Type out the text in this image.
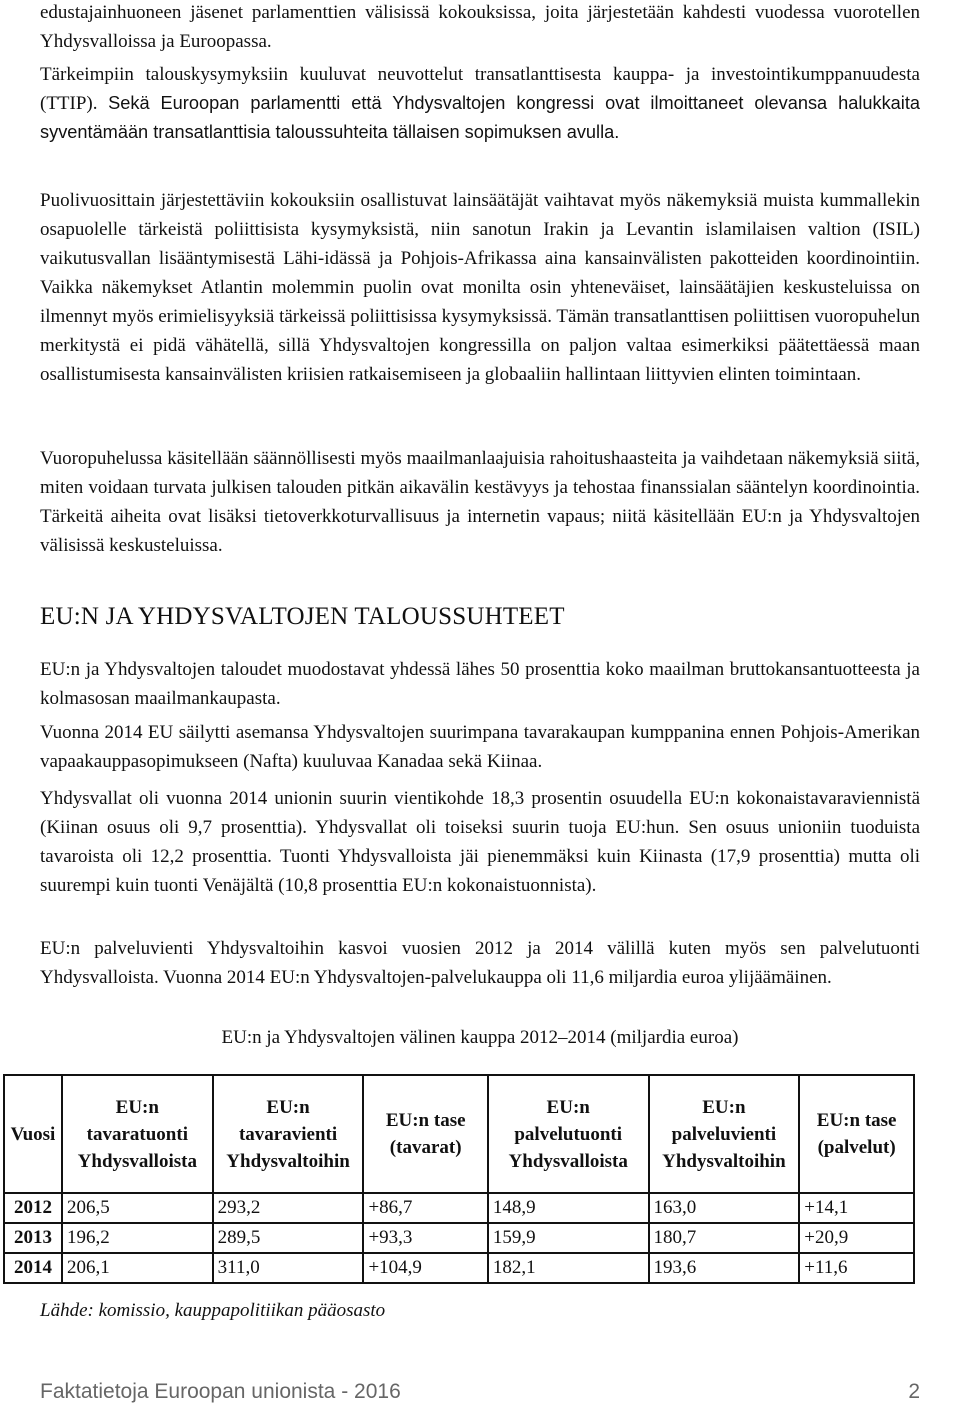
edustajainhuoneen jäsenet parlamenttien välisissä kokouksissa, joita järjestetään kahdesti vuodessa vuorotellen Yhdysvalloissa ja Euroopassa.

Tärkeimpiin talouskysymyksiin kuuluvat neuvottelut transatlanttisesta kauppa- ja investointikumppanuudesta (TTIP). Sekä Euroopan parlamentti että Yhdysvaltojen kongressi ovat ilmoittaneet olevansa halukkaita syventämään transatlanttisia taloussuhteita tällaisen sopimuksen avulla.

Puolivuosittain järjestettäviin kokouksiin osallistuvat lainsäätäjät vaihtavat myös näkemyksiä muista kummallekin osapuolelle tärkeistä poliittisista kysymyksistä, niin sanotun Irakin ja Levantin islamilaisen valtion (ISIL) vaikutusvallan lisääntymisestä Lähi-idässä ja Pohjois-Afrikassa aina kansainvälisten pakotteiden koordinointiin. Vaikka näkemykset Atlantin molemmin puolin ovat monilta osin yhteneväiset, lainsäätäjien keskusteluissa on ilmennyt myös erimielisyyksiä tärkeissä poliittisissa kysymyksissä. Tämän transatlanttisen poliittisen vuoropuhelun merkitystä ei pidä vähätellä, sillä Yhdysvaltojen kongressilla on paljon valtaa esimerkiksi päätettäessä maan osallistumisesta kansainvälisten kriisien ratkaisemiseen ja globaaliin hallintaan liittyvien elinten toimintaan.

Vuoropuhelussa käsitellään säännöllisesti myös maailmanlaajuisia rahoitushaasteita ja vaihdetaan näkemyksiä siitä, miten voidaan turvata julkisen talouden pitkän aikavälin kestävyys ja tehostaa finanssialan sääntelyn koordinointia. Tärkeitä aiheita ovat lisäksi tietoverkkoturvallisuus ja internetin vapaus; niitä käsitellään EU:n ja Yhdysvaltojen välisissä keskusteluissa.

EU:N JA YHDYSVALTOJEN TALOUSSUHTEET

EU:n ja Yhdysvaltojen taloudet muodostavat yhdessä lähes 50 prosenttia koko maailman bruttokansantuotteesta ja kolmasosan maailmankaupasta.

Vuonna 2014 EU säilytti asemansa Yhdysvaltojen suurimpana tavarakaupan kumppanina ennen Pohjois-Amerikan vapaakauppasopimukseen (Nafta) kuuluvaa Kanadaa sekä Kiinaa.

Yhdysvallat oli vuonna 2014 unionin suurin vientikohde 18,3 prosentin osuudella EU:n kokonaistavaraviennistä (Kiinan osuus oli 9,7 prosenttia). Yhdysvallat oli toiseksi suurin tuoja EU:hun. Sen osuus unioniin tuoduista tavaroista oli 12,2 prosenttia. Tuonti Yhdysvalloista jäi pienemmäksi kuin Kiinasta (17,9 prosenttia) mutta oli suurempi kuin tuonti Venäjältä (10,8 prosenttia EU:n kokonaistuonnista).

EU:n palveluvienti Yhdysvaltoihin kasvoi vuosien 2012 ja 2014 välillä kuten myös sen palvelutuonti Yhdysvalloista. Vuonna 2014 EU:n Yhdysvaltojen-palvelukauppa oli 11,6 miljardia euroa ylijäämäinen.

EU:n ja Yhdysvaltojen välinen kauppa 2012–2014 (miljardia euroa)

Vuosi	EU:n tavaratuonti Yhdysvalloista	EU:n tavaravienti Yhdysvaltoihin	EU:n tase (tavarat)	EU:n palvelutuonti Yhdysvalloista	EU:n palveluvienti Yhdysvaltoihin	EU:n tase (palvelut)
2012	206,5	293,2	+86,7	148,9	163,0	+14,1
2013	196,2	289,5	+93,3	159,9	180,7	+20,9
2014	206,1	311,0	+104,9	182,1	193,6	+11,6

Lähde: komissio, kauppapolitiikan pääosasto

Faktatietoja Euroopan unionista - 2016	2
